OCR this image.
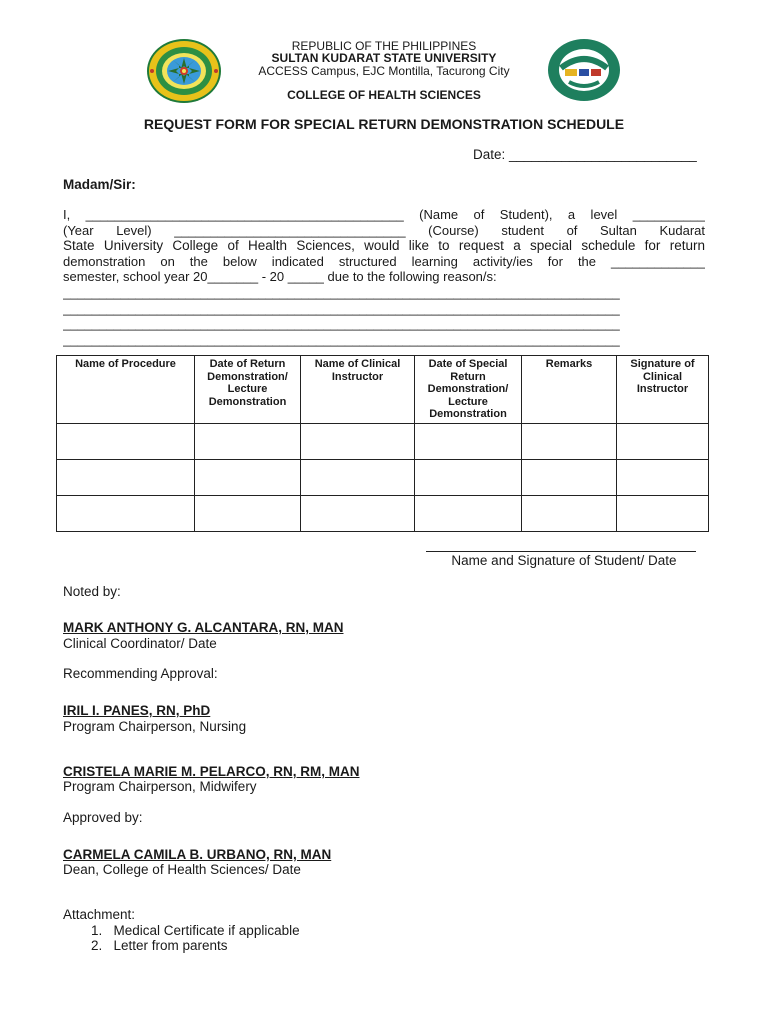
REPUBLIC OF THE PHILIPPINES
SULTAN KUDARAT STATE UNIVERSITY
ACCESS Campus, EJC Montilla, Tacurong City
COLLEGE OF HEALTH SCIENCES
REQUEST FORM FOR SPECIAL RETURN DEMONSTRATION SCHEDULE
Date: _________________________
Madam/Sir:
I, ____________________________________________ (Name of Student), a level __________
(Year Level) ________________________________ (Course) student of Sultan Kudarat
State University College of Health Sciences, would like to request a special schedule for return
demonstration on the below indicated structured learning activity/ies for the _____________
semester, school year 20_______ - 20 _____ due to the following reason/s:
_____________________________________________________________________________
_____________________________________________________________________________
_____________________________________________________________________________
_____________________________________________________________________________
Name of Procedure	Date of Return Demonstration/ Lecture Demonstration	Name of Clinical Instructor	Date of Special Return Demonstration/ Lecture Demonstration	Remarks	Signature of Clinical Instructor

Name and Signature of Student/ Date
Noted by:
MARK ANTHONY G. ALCANTARA, RN, MAN
Clinical Coordinator/ Date
Recommending Approval:
IRIL I. PANES, RN, PhD
Program Chairperson, Nursing
CRISTELA MARIE M. PELARCO, RN, RM, MAN
Program Chairperson, Midwifery
Approved by:
CARMELA CAMILA B. URBANO, RN, MAN
Dean, College of Health Sciences/ Date
Attachment:
1.   Medical Certificate if applicable
2.   Letter from parents
